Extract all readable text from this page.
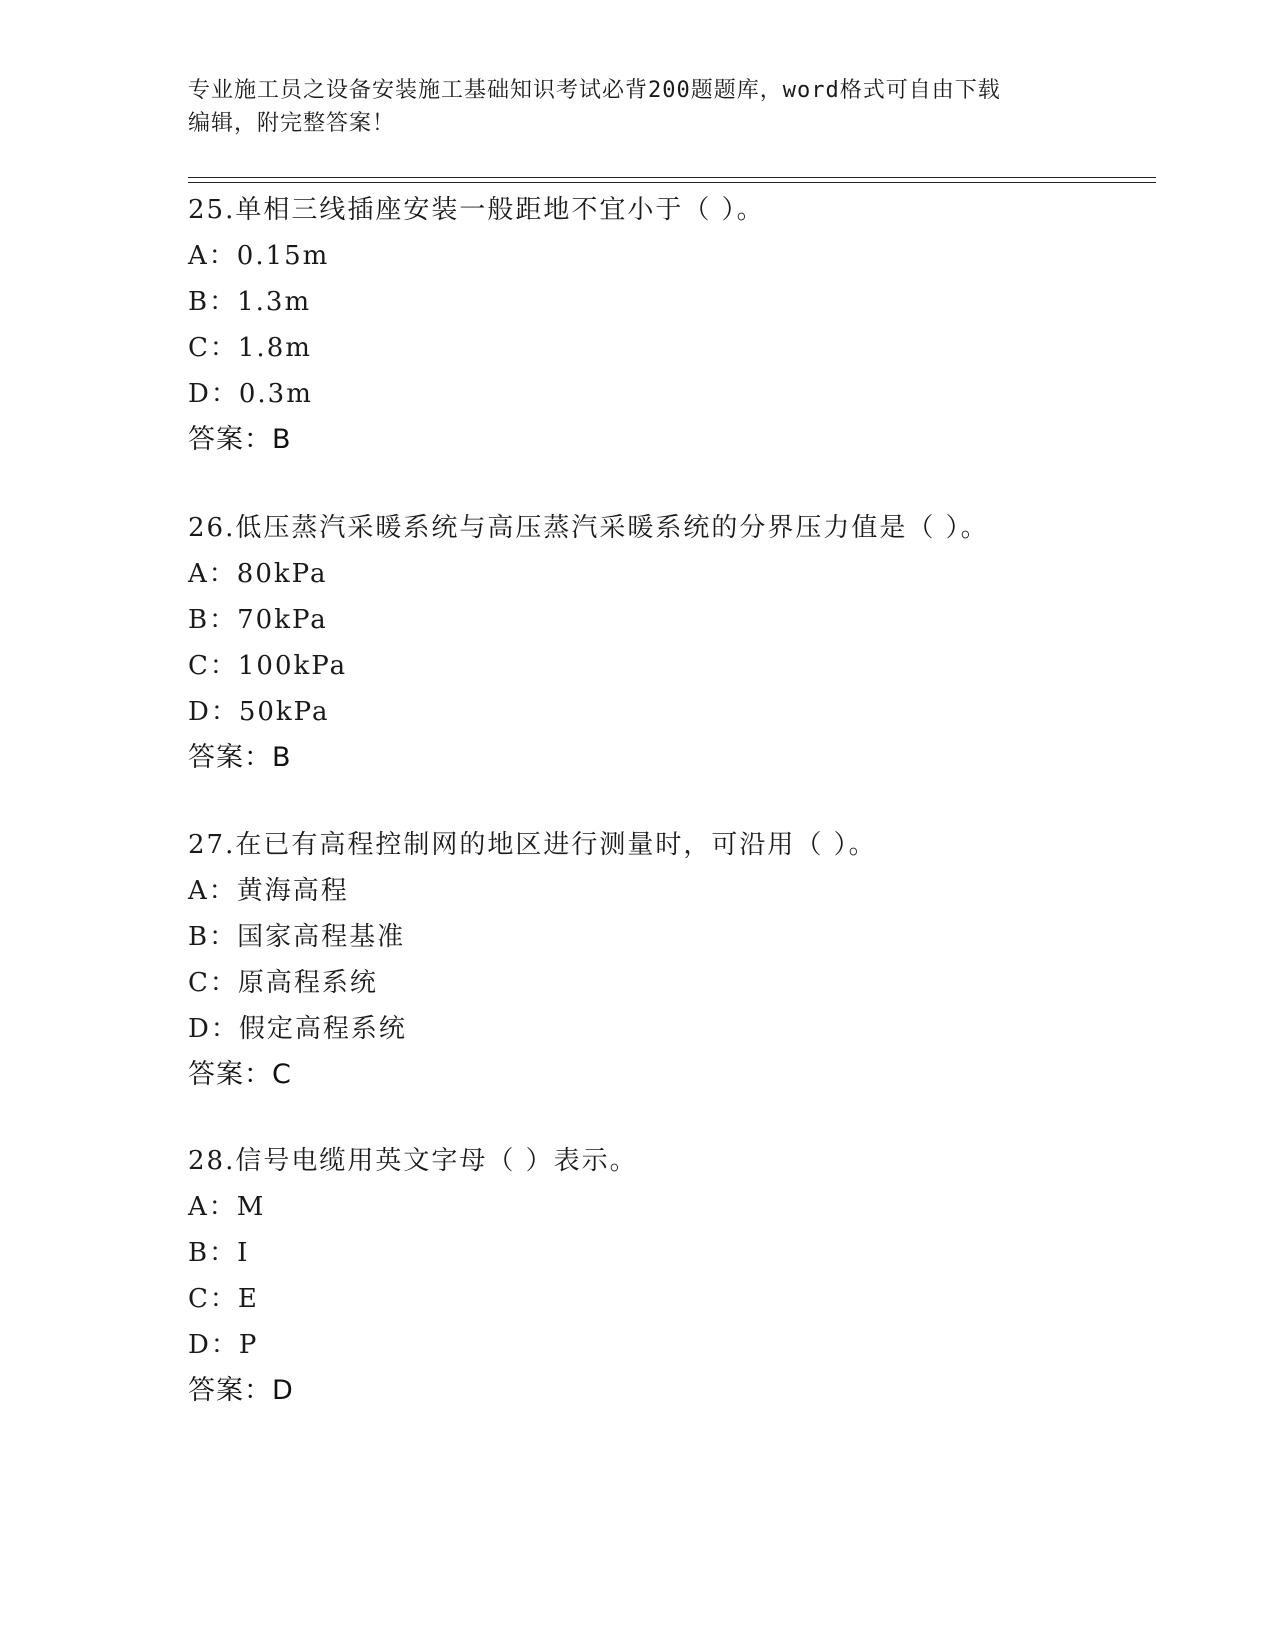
专业施工员之设备安装施工基础知识考试必背200题题库，word格式可自由下载
编辑，附完整答案！
25.单相三线插座安装一般距地不宜小于（ ）。
A：0.15m
B：1.3m
C：1.8m
D：0.3m
答案：B
26.低压蒸汽采暖系统与高压蒸汽采暖系统的分界压力值是（ ）。
A：80kPa
B：70kPa
C：100kPa
D：50kPa
答案：B
27.在已有高程控制网的地区进行测量时，可沿用（ ）。
A：黄海高程
B：国家高程基准
C：原高程系统
D：假定高程系统
答案：C
28.信号电缆用英文字母（ ）表示。
A：M
B：I
C：E
D：P
答案：D
